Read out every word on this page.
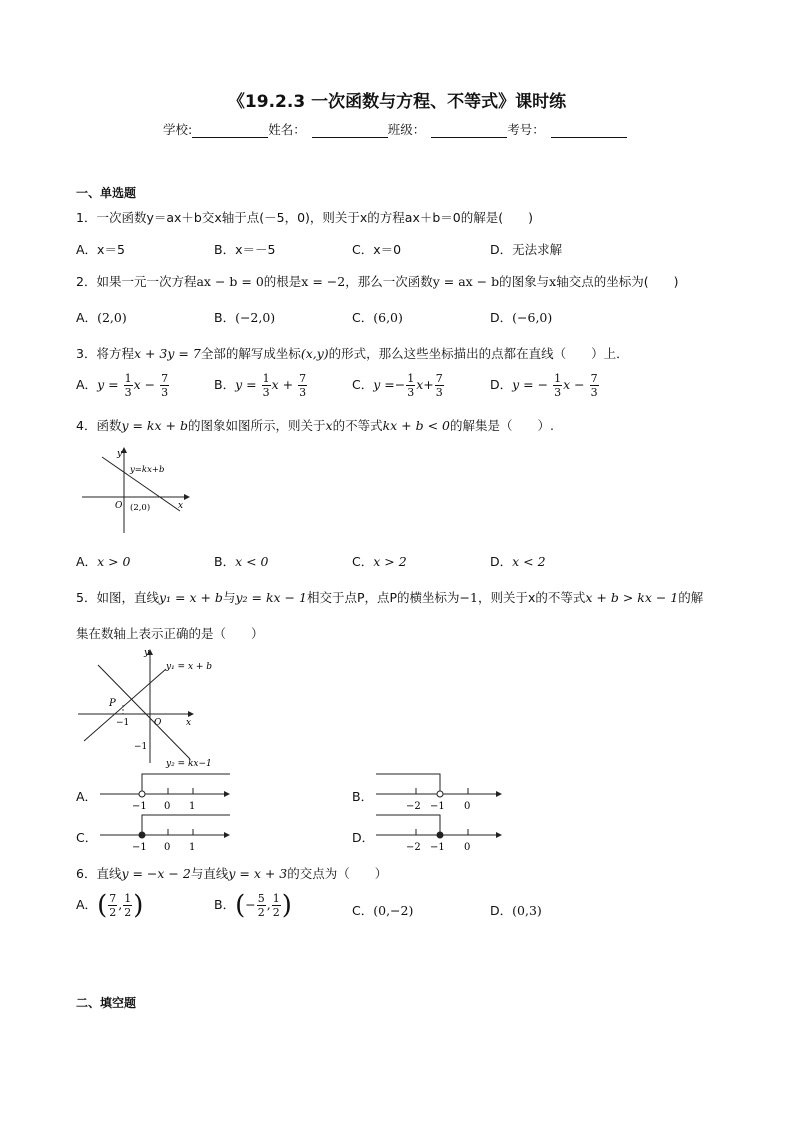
《19.2.3 一次函数与方程、不等式》课时练
学校:	姓名：	班级：	考号：
一、单选题
1．一次函数y＝ax＋b交x轴于点(－5，0)，则关于x的方程ax＋b＝0的解是(　　)
A．x＝5	B．x＝－5	C．x＝0	D．无法求解
2．如果一元一次方程ax − b = 0的根是x = −2，那么一次函数y = ax − b的图象与x轴交点的坐标为(　　)
A．(2,0)	B．(−2,0)	C．(6,0)	D．(−6,0)
3．将方程x + 3y = 7全部的解写成坐标(x,y)的形式，那么这些坐标描出的点都在直线（　　）上．
A．$y = \frac{1}{3}$ $x - \frac{7}{3}$	B．$y = \frac{1}{3}$ $x + \frac{7}{3}$	C．$y =- \frac{1}{3} x+ \frac{7}{3}$	D．y = − $\frac{1}{3}$ $x - \frac{7}{3}$
4．函数y = kx + b的图象如图所示，则关于x的不等式kx + b < 0的解集是（　　）.
y
x
O
y=kx+b
(2,0)
A．x > 0	B．x < 0	C．x > 2	D．x < 2
5．如图，直线y₁ = x + b与y₂ = kx − 1相交于点P，点P的横坐标为−1，则关于x的不等式x + b > kx − 1的解
集在数轴上表示正确的是（　　）
y
x
O
P
−1
−1
y₁ = x + b
y₂ = kx−1
A．
−1 0 1
B．
−2 −1 0
C．
−1 0 1
D．
−2 −1 0
6．直线y = −x − 2与直线y = x + 3的交点为（　　）
A．( $\frac{7}{2}$ , $\frac{1}{2}$ )	B．(− $\frac{5}{2}$ , $\frac{1}{2}$ )	C．(0,−2)	D．(0,3)
二、填空题
